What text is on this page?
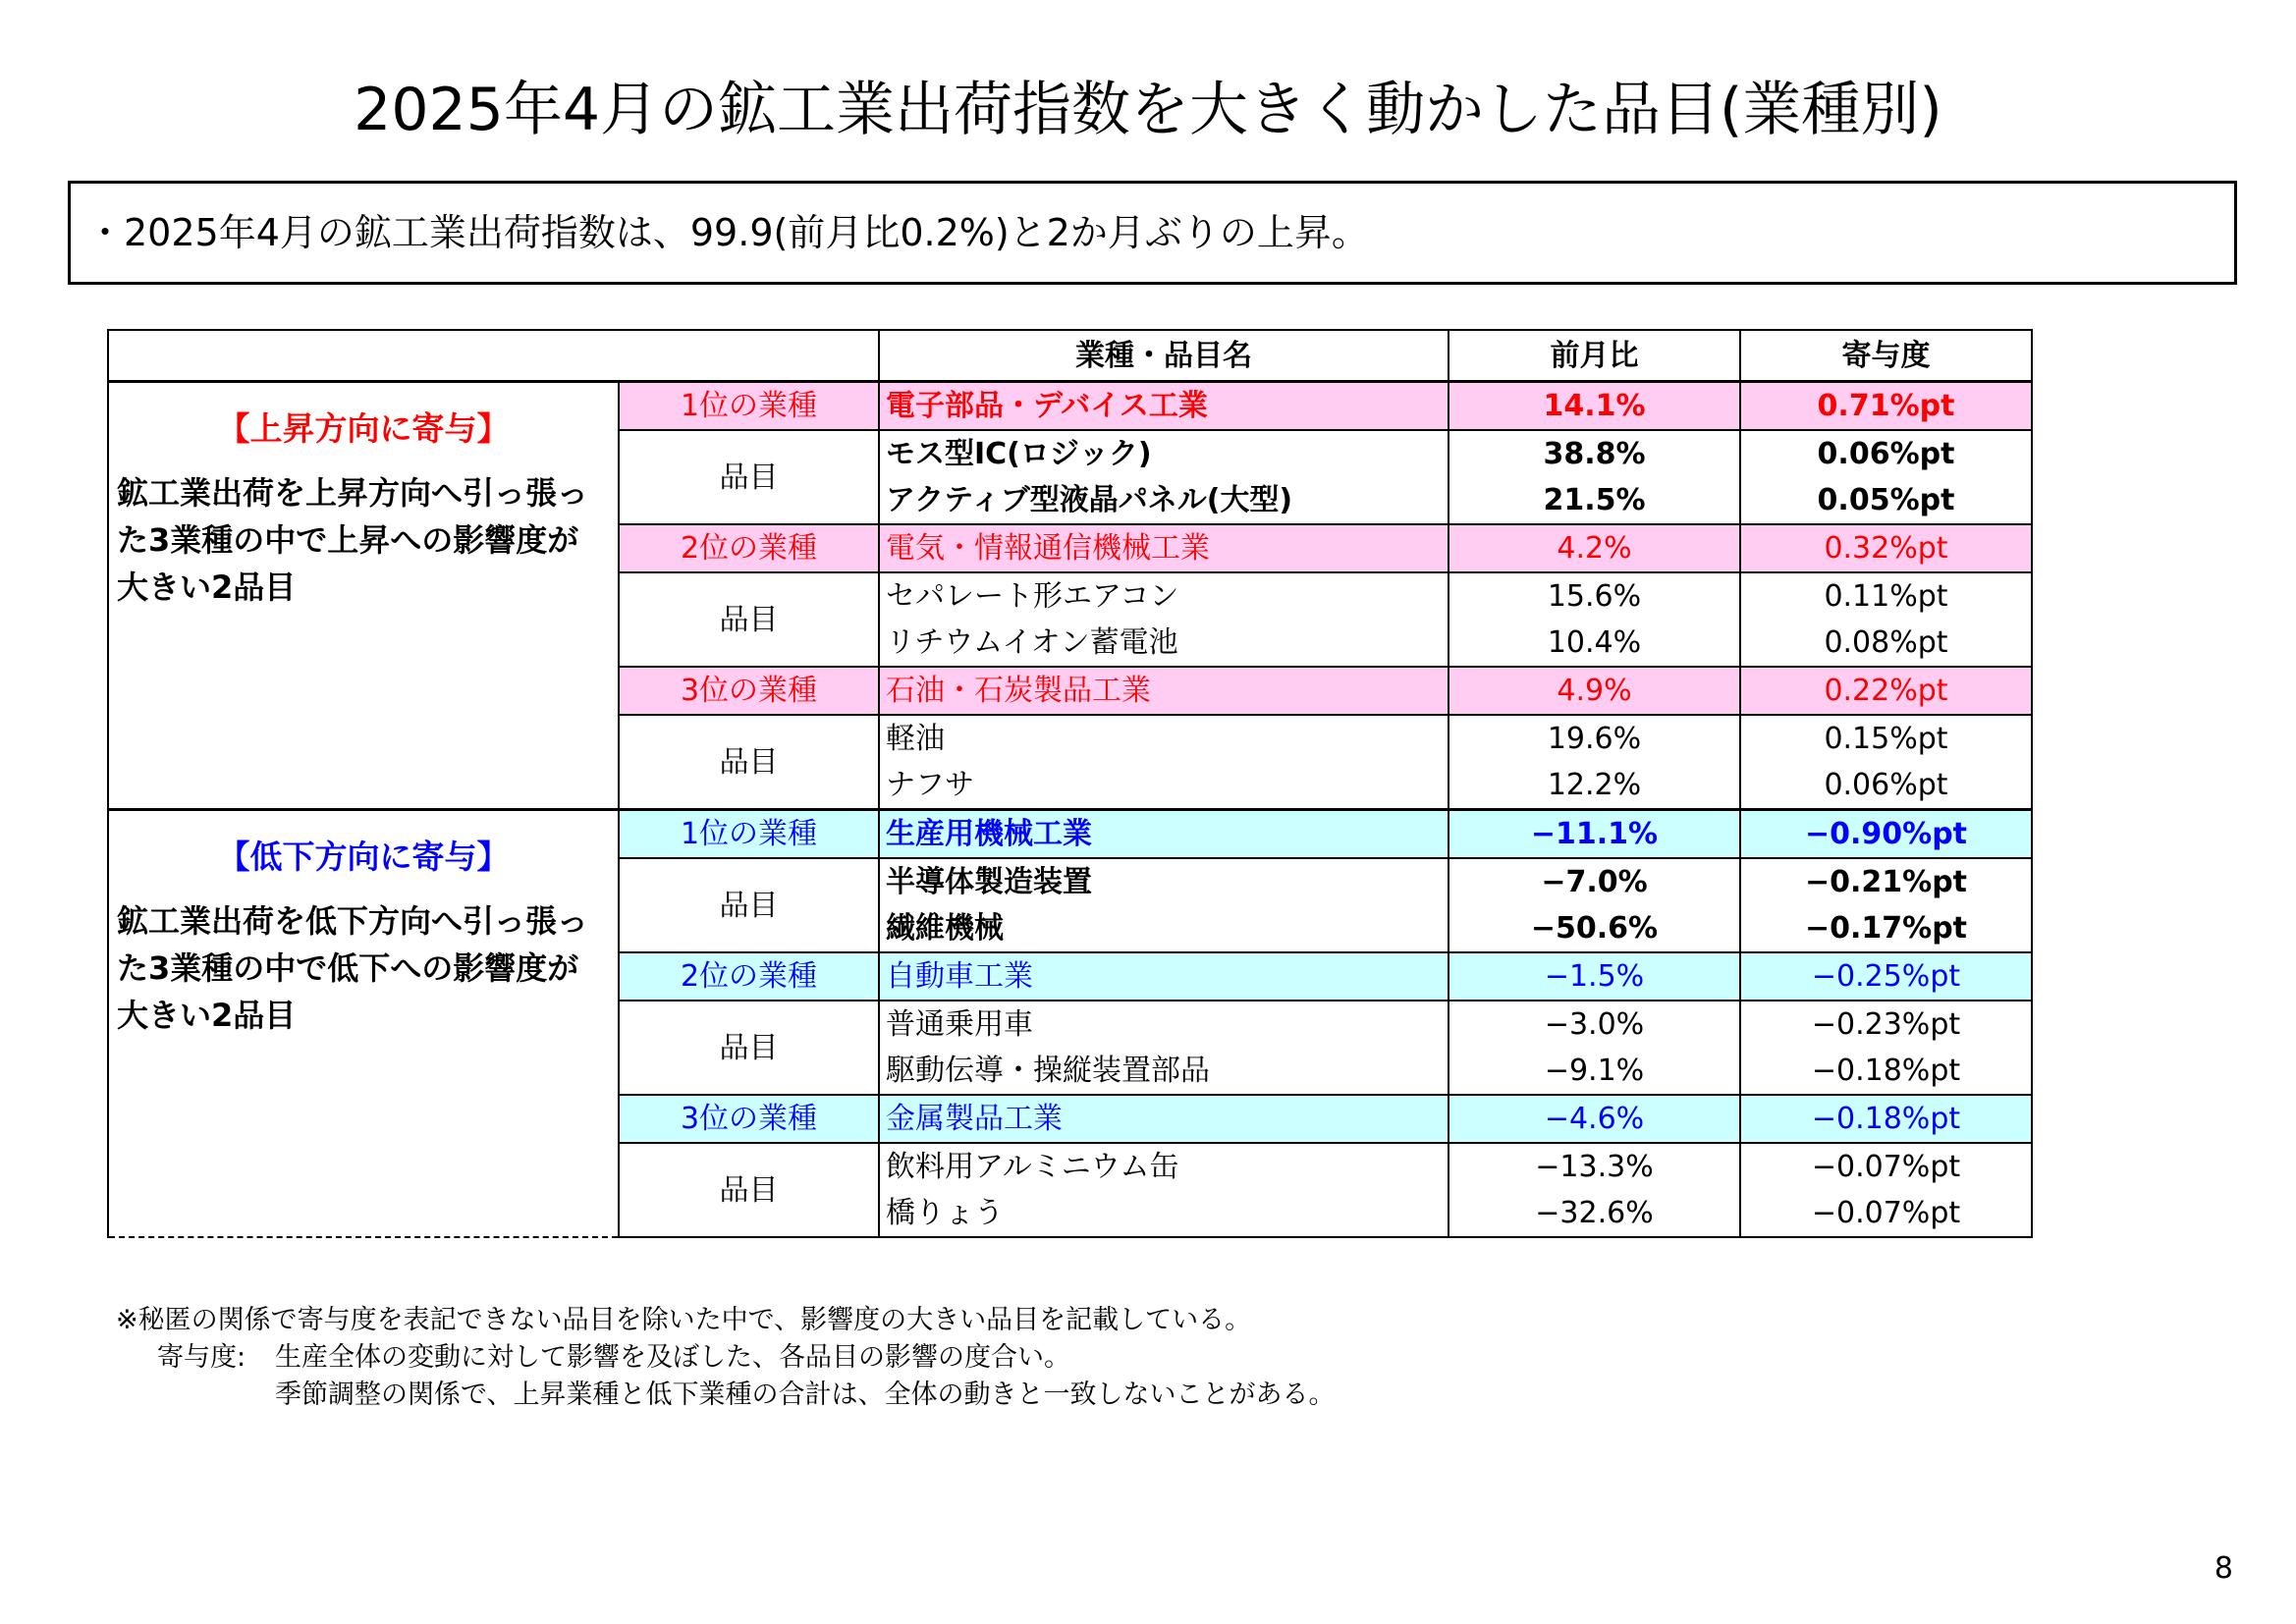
2025年4月の鉱工業出荷指数を大きく動かした品目(業種別)
・2025年4月の鉱工業出荷指数は、99.9(前月比0.2%)と2か月ぶりの上昇。
		業種・品目名	前月比	寄与度

【上昇方向に寄与】
鉱工業出荷を上昇方向へ引っ張った3業種の中で上昇への影響度が大きい2品目	1位の業種	電子部品・デバイス工業	14.1%	0.71%pt
	品目	モス型IC(ロジック)	38.8%	0.06%pt
		アクティブ型液晶パネル(大型)	21.5%	0.05%pt
	2位の業種	電気・情報通信機械工業	4.2%	0.32%pt
	品目	セパレート形エアコン	15.6%	0.11%pt
		リチウムイオン蓄電池	10.4%	0.08%pt
	3位の業種	石油・石炭製品工業	4.9%	0.22%pt
	品目	軽油	19.6%	0.15%pt
		ナフサ	12.2%	0.06%pt

【低下方向に寄与】
鉱工業出荷を低下方向へ引っ張った3業種の中で低下への影響度が大きい2品目	1位の業種	生産用機械工業	−11.1%	−0.90%pt
	品目	半導体製造装置	−7.0%	−0.21%pt
		繊維機械	−50.6%	−0.17%pt
	2位の業種	自動車工業	−1.5%	−0.25%pt
	品目	普通乗用車	−3.0%	−0.23%pt
		駆動伝導・操縦装置部品	−9.1%	−0.18%pt
	3位の業種	金属製品工業	−4.6%	−0.18%pt
	品目	飲料用アルミニウム缶	−13.3%	−0.07%pt
		橋りょう	−32.6%	−0.07%pt
※秘匿の関係で寄与度を表記できない品目を除いた中で、影響度の大きい品目を記載している。
寄与度:	生産全体の変動に対して影響を及ぼした、各品目の影響の度合い。
季節調整の関係で、上昇業種と低下業種の合計は、全体の動きと一致しないことがある。
8
